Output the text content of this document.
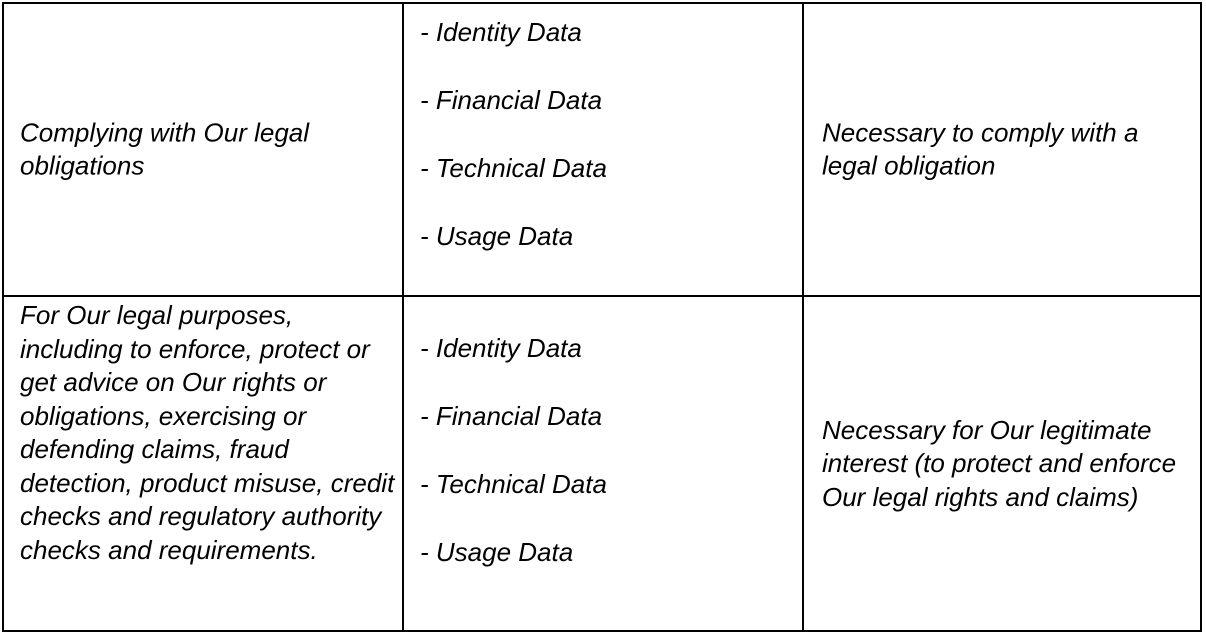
Complying with Our legal obligations

- Identity Data
- Financial Data
- Technical Data
- Usage Data

Necessary to comply with a legal obligation

For Our legal purposes, including to enforce, protect or get advice on Our rights or obligations, exercising or defending claims, fraud detection, product misuse, credit checks and regulatory authority checks and requirements.

- Identity Data
- Financial Data
- Technical Data
- Usage Data

Necessary for Our legitimate interest (to protect and enforce Our legal rights and claims)
